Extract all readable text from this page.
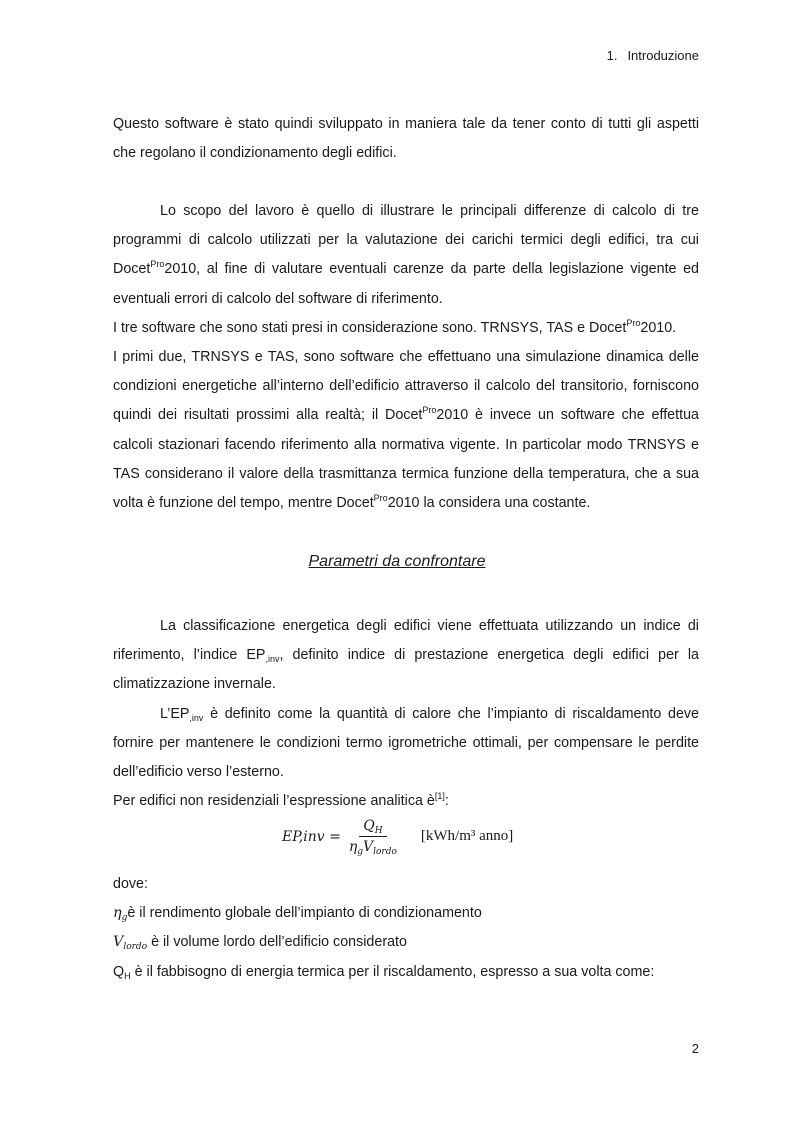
1. Introduzione
Questo software è stato quindi sviluppato in maniera tale da tener conto di tutti gli aspetti che regolano il condizionamento degli edifici.
Lo scopo del lavoro è quello di illustrare le principali differenze di calcolo di tre programmi di calcolo utilizzati per la valutazione dei carichi termici degli edifici, tra cui Docet$^{Pro}$2010, al fine di valutare eventuali carenze da parte della legislazione vigente ed eventuali errori di calcolo del software di riferimento.
I tre software che sono stati presi in considerazione sono. TRNSYS, TAS e Docet$^{Pro}$2010.
I primi due, TRNSYS e TAS, sono software che effettuano una simulazione dinamica delle condizioni energetiche all’interno dell’edificio attraverso il calcolo del transitorio, forniscono quindi dei risultati prossimi alla realtà; il Docet$^{Pro}$2010 è invece un software che effettua calcoli stazionari facendo riferimento alla normativa vigente. In particolar modo TRNSYS e TAS considerano il valore della trasmittanza termica funzione della temperatura, che a sua volta è funzione del tempo, mentre Docet$^{Pro}$2010 la considera una costante.
Parametri da confrontare
La classificazione energetica degli edifici viene effettuata utilizzando un indice di riferimento, l’indice $EP_{,inv}$, definito indice di prestazione energetica degli edifici per la climatizzazione invernale.
$L’EP_{,inv}$ è definito come la quantità di calore che l’impianto di riscaldamento deve fornire per mantenere le condizioni termo igrometriche ottimali, per compensare le perdite dell’edificio verso l’esterno.
Per edifici non residenziali l’espressione analitica è[1]:
$EP,inv = \frac{Q_H}{\eta_gV_{lordo}} [kWh/m^3$ anno]
dove:
$\eta_gè$ il rendimento globale dell’impianto di condizionamento
$V_{lordo}$ è il volume lordo dell’edificio considerato
$Q_H$ è il fabbisogno di energia termica per il riscaldamento, espresso a sua volta come:
2
